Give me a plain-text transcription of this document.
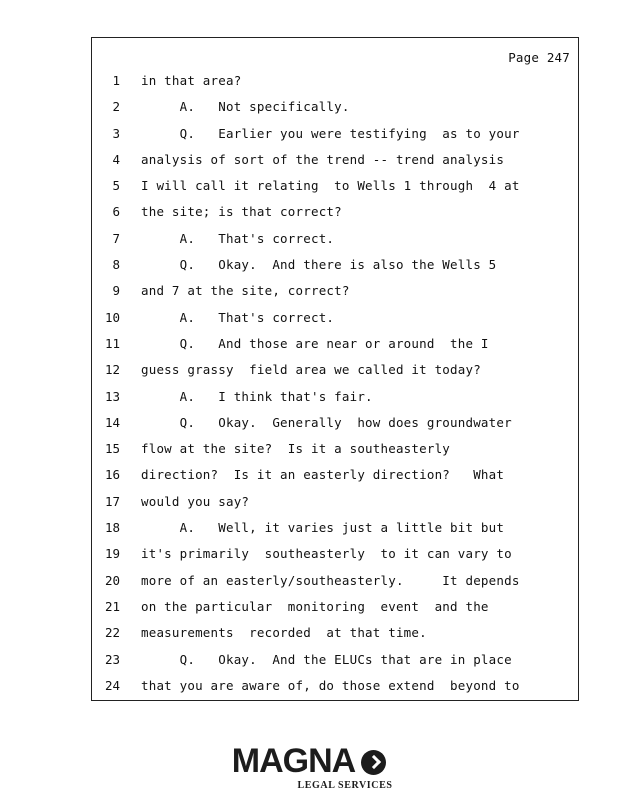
Page 247
1 in that area?
2 A.   Not specifically.
3 Q.   Earlier you were testifying  as to your
4 analysis of sort of the trend -- trend analysis
5 I will call it relating  to Wells 1 through  4 at
6 the site; is that correct?
7 A.   That's correct.
8 Q.   Okay.  And there is also the Wells 5
9 and 7 at the site, correct?
10 A.   That's correct.
11 Q.   And those are near or around  the I
12 guess grassy  field area we called it today?
13 A.   I think that's fair.
14 Q.   Okay.  Generally  how does groundwater
15 flow at the site?  Is it a southeasterly
16 direction?  Is it an easterly direction?   What
17 would you say?
18 A.   Well, it varies just a little bit but
19 it's primarily  southeasterly  to it can vary to
20 more of an easterly/southeasterly.     It depends
21 on the particular  monitoring  event  and the
22 measurements  recorded  at that time.
23 Q.   Okay.  And the ELUCs that are in place
24 that you are aware of, do those extend  beyond to
MAGNA
LEGAL SERVICES
